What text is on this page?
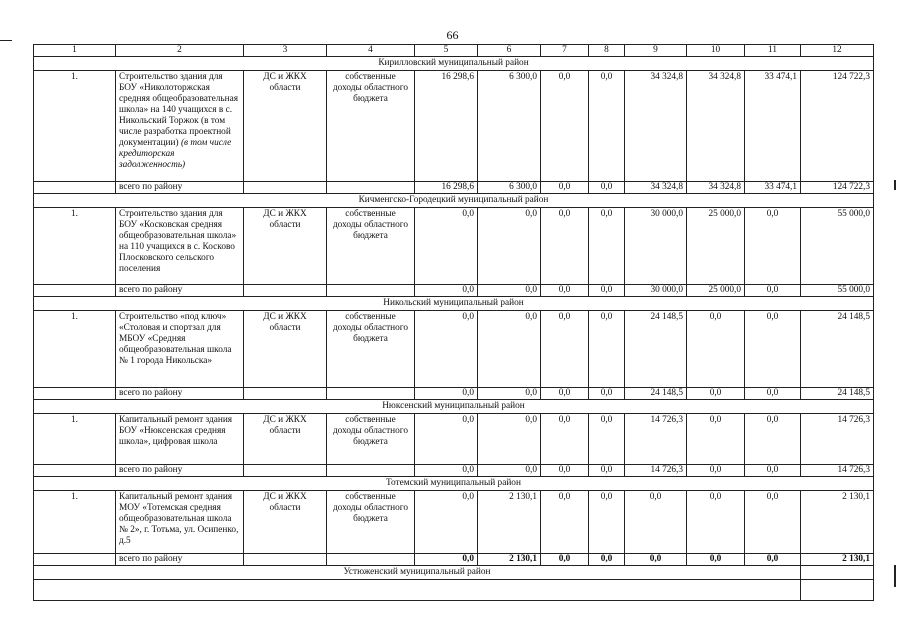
66
1	2	3	4	5	6	7	8	9	10	11	12
Кирилловский муниципальный район											
1.	Строительство здания для БОУ «Николоторжская средняя общеобразовательная школа» на 140 учащихся в с. Никольский Торжок (в том числе разработка проектной документации) (в том числе кредиторская задолженность)	ДС и ЖКХ области	собственные доходы областного бюджета	16 298,6	6 300,0	0,0	0,0	34 324,8	34 324,8	33 474,1	124 722,3
	всего по району			16 298,6	6 300,0	0,0	0,0	34 324,8	34 324,8	33 474,1	124 722,3
Кичменгско-Городецкий муниципальный район											
1.	Строительство здания для БОУ «Косковская средняя общеобразовательная школа» на 110 учащихся в с. Косково Плосковского сельского поселения	ДС и ЖКХ области	собственные доходы областного бюджета	0,0	0,0	0,0	0,0	30 000,0	25 000,0	0,0	55 000,0
	всего по району			0,0	0,0	0,0	0,0	30 000,0	25 000,0	0,0	55 000,0
Никольский муниципальный район											
1.	Строительство «под ключ» «Столовая и спортзал для МБОУ «Средняя общеобразовательная школа № 1 города Никольска»	ДС и ЖКХ области	собственные доходы областного бюджета	0,0	0,0	0,0	0,0	24 148,5	0,0	0,0	24 148,5
	всего по району			0,0	0,0	0,0	0,0	24 148,5	0,0	0,0	24 148,5
Нюксенский муниципальный район											
1.	Капитальный ремонт здания БОУ «Нюксенская средняя школа», цифровая школа	ДС и ЖКХ области	собственные доходы областного бюджета	0,0	0,0	0,0	0,0	14 726,3	0,0	0,0	14 726,3
	всего по району			0,0	0,0	0,0	0,0	14 726,3	0,0	0,0	14 726,3
Тотемский муниципальный район											
1.	Капитальный ремонт здания МОУ «Тотемская средняя общеобразовательная школа № 2», г. Тотьма, ул. Осипенко, д.5	ДС и ЖКХ области	собственные доходы областного бюджета	0,0	2 130,1	0,0	0,0	0,0	0,0	0,0	2 130,1
	всего по району			0,0	2 130,1	0,0	0,0	0,0	0,0	0,0	2 130,1
Устюженский муниципальный район											
